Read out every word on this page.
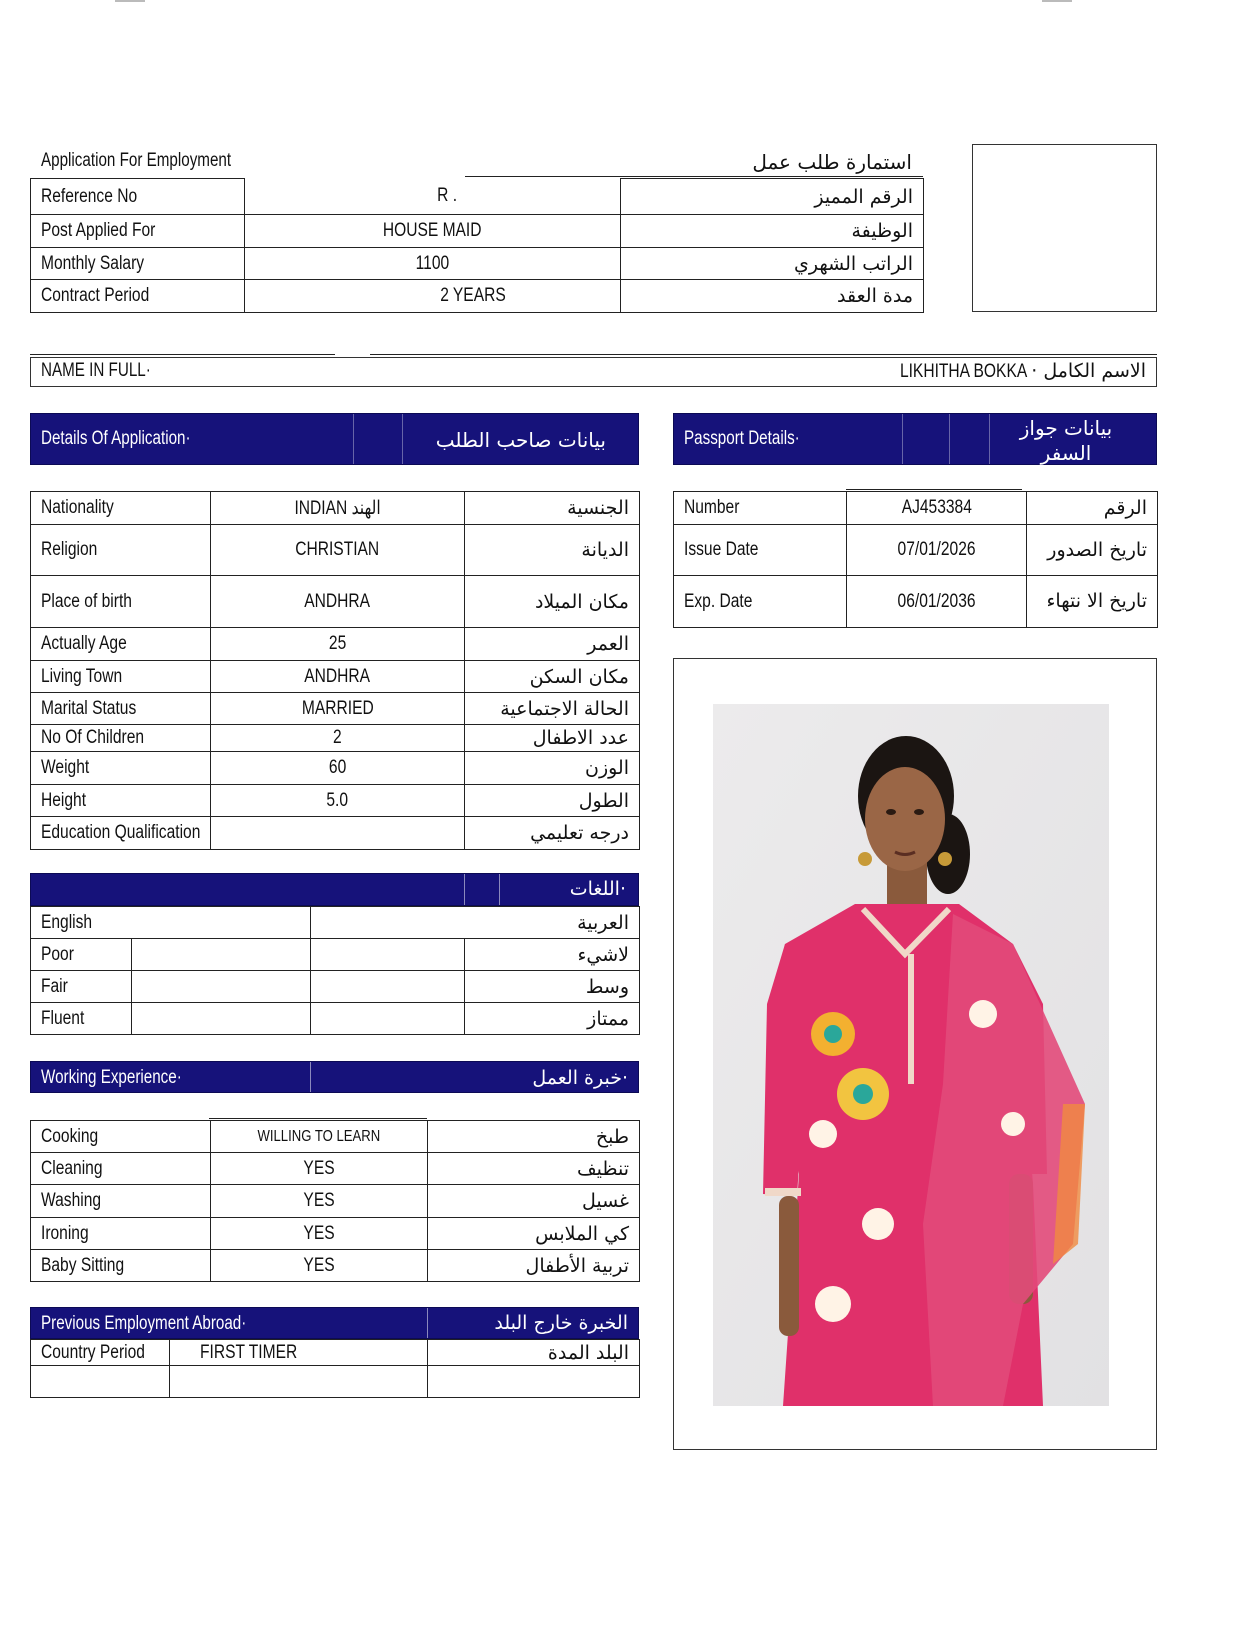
Application For Employment	استمارة طلب عمل
Reference No	R .	الرقم المميز
Post Applied For	HOUSE MAID	الوظيفة
Monthly Salary	1100	الراتب الشهري
Contract Period	2 YEARS	مدة العقد
NAME IN FULL·	LIKHITHA BOKKA · الاسم الكامل
Details Of Application·	بيانات صاحب الطلب	Passport Details·	بيانات جواز السفر
Nationality	INDIAN الهند	الجنسية
Religion	CHRISTIAN	الديانة
Place of birth	ANDHRA	مكان الميلاد
Actually Age	25	العمر
Living Town	ANDHRA	مكان السكن
Marital Status	MARRIED	الحالة الاجتماعية
No Of Children	2	عدد الاطفال
Weight	60	الوزن
Height	5.0	الطول
Education Qualification		درجه تعليمي
Number	AJ453384	الرقم
Issue Date	07/01/2026	تاريخ الصدور
Exp. Date	06/01/2036	تاريخ الا نتهاء
·اللغات
English		العربية	
Poor			لاشيء
Fair			وسط
Fluent			ممتاز
Working Experience·	·خبرة العمل
Cooking	WILLING TO LEARN	طبخ
Cleaning	YES	تنظيف
Washing	YES	غسيل
Ironing	YES	كي الملابس
Baby Sitting	YES	تربية الأطفال
Previous Employment Abroad·	الخبرة خارج البلد
Country Period	FIRST TIMER	البلد المدة
